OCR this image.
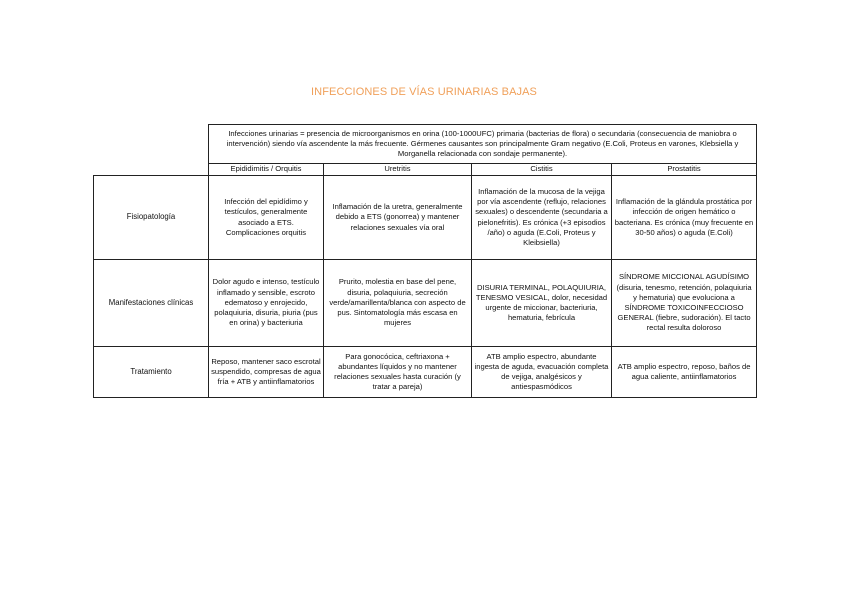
INFECCIONES DE VÍAS URINARIAS BAJAS
	Infecciones urinarias = presencia de microorganismos en orina (100-1000UFC) primaria (bacterias de flora) o secundaria (consecuencia de maniobra o intervención) siendo vía ascendente la más frecuente. Gérmenes causantes son principalmente Gram negativo (E.Coli, Proteus en varones, Klebsiella y Morganella relacionada con sondaje permanente).			
	Epididimitis / Orquitis	Uretritis	Cistitis	Prostatitis
Fisiopatología	Infección del epidídimo y testículos, generalmente asociado a ETS. Complicaciones orquitis	Inflamación de la uretra, generalmente debido a ETS (gonorrea) y mantener relaciones sexuales vía oral	Inflamación de la mucosa de la vejiga por vía ascendente (reflujo, relaciones sexuales) o descendente (secundaria a pielonefritis). Es crónica (+3 episodios /año) o aguda (E.Coli, Proteus y Kleibsiella)	Inflamación de la glándula prostática por infección de origen hemático o bacteriana. Es crónica (muy frecuente en 30-50 años) o aguda (E.Coli)
Manifestaciones clínicas	Dolor agudo e intenso, testículo inflamado y sensible, escroto edematoso y enrojecido, polaquiuria, disuria, piuria (pus en orina) y bacteriuria	Prurito, molestia en base del pene, disuria, polaquiuria, secreción verde/amarillenta/blanca con aspecto de pus. Sintomatología más escasa en mujeres	DISURIA TERMINAL, POLAQUIURIA, TENESMO VESICAL, dolor, necesidad urgente de miccionar, bacteriuria, hematuria, febrícula	SÍNDROME MICCIONAL AGUDÍSIMO (disuria, tenesmo, retención, polaquiuria y hematuria) que evoluciona a SÍNDROME TOXICOINFECCIOSO GENERAL (fiebre, sudoración). El tacto rectal resulta doloroso
Tratamiento	Reposo, mantener saco escrotal suspendido, compresas de agua fría + ATB y antiinflamatorios	Para gonocócica, ceftriaxona + abundantes líquidos y no mantener relaciones sexuales hasta curación (y tratar a pareja)	ATB amplio espectro, abundante ingesta de aguda, evacuación completa de vejiga, analgésicos y antiespasmódicos	ATB amplio espectro, reposo, baños de agua caliente, antiinflamatorios
